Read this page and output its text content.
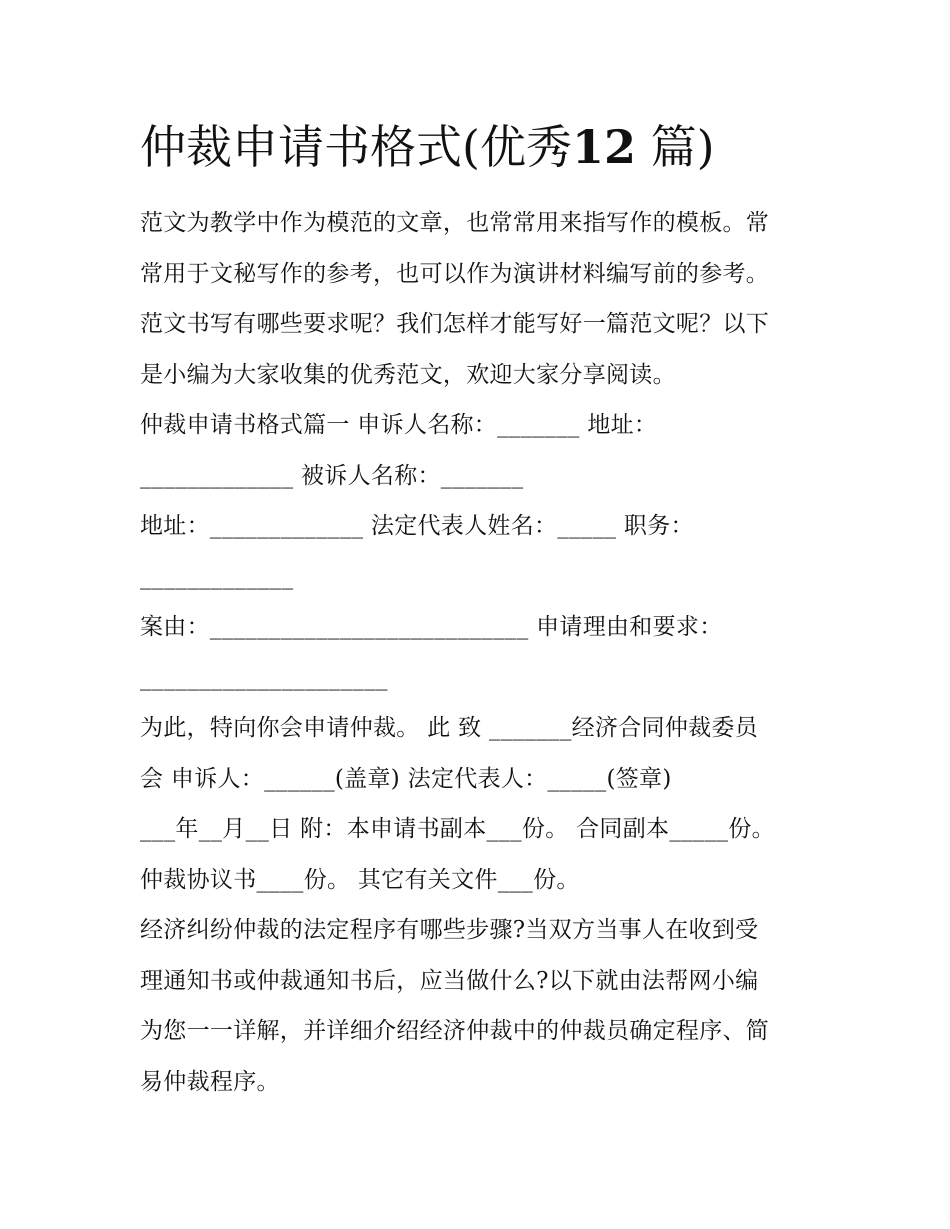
仲裁申请书格式(优秀12 篇)
范文为教学中作为模范的文章，也常常用来指写作的模板。常
常用于文秘写作的参考，也可以作为演讲材料编写前的参考。
范文书写有哪些要求呢？我们怎样才能写好一篇范文呢？以下
是小编为大家收集的优秀范文，欢迎大家分享阅读。
仲裁申请书格式篇一 申诉人名称：_______ 地址：
_____________ 被诉人名称：_______
地址：_____________ 法定代表人姓名：_____ 职务：
_____________
案由：___________________________ 申请理由和要求：
_____________________
为此，特向你会申请仲裁。 此 致 _______经济合同仲裁委员
会 申诉人：______(盖章) 法定代表人：_____(签章)
___年__月__日 附：本申请书副本___份。 合同副本_____份。
仲裁协议书____份。 其它有关文件___份。
经济纠纷仲裁的法定程序有哪些步骤?当双方当事人在收到受
理通知书或仲裁通知书后，应当做什么?以下就由法帮网小编
为您一一详解，并详细介绍经济仲裁中的仲裁员确定程序、简
易仲裁程序。
